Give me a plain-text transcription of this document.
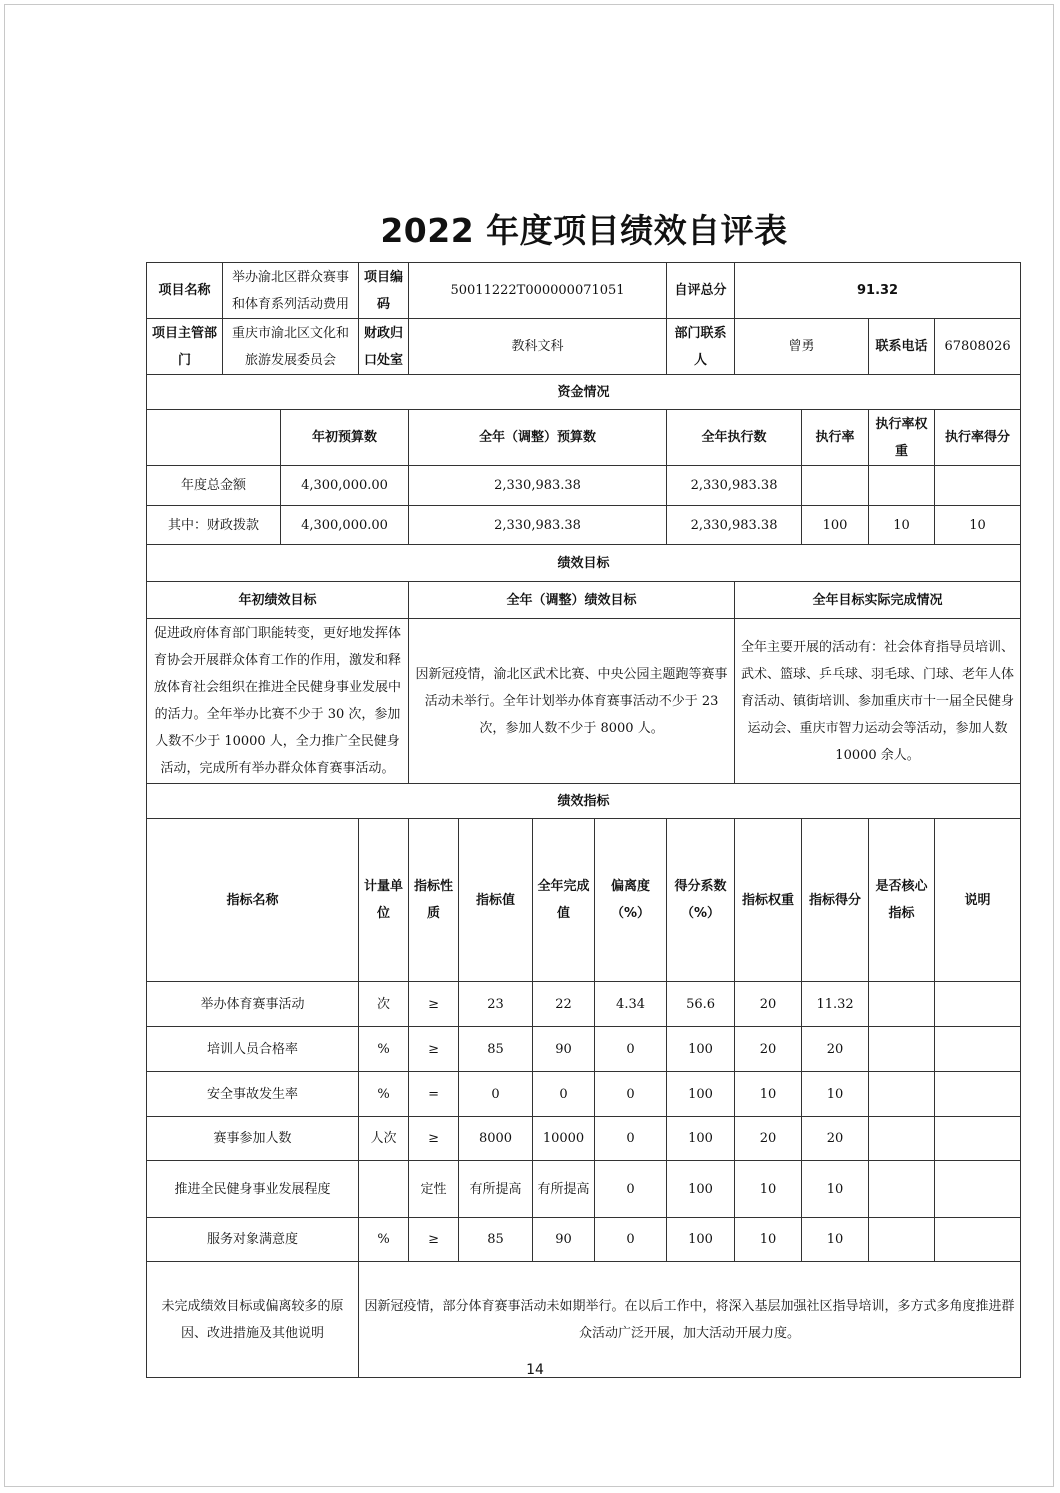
2022 年度项目绩效自评表
项目名称	举办渝北区群众赛事和体育系列活动费用		项目编码	50011222T000000071051				自评总分	91.32				
项目主管部门	重庆市渝北区文化和旅游发展委员会		财政归口处室	教科文科				部门联系人	曾勇		联系电话	67808026	
资金情况													
		年初预算数		全年（调整）预算数				全年执行数		执行率	执行率权重	执行率得分	
年度总金额		4,300,000.00		2,330,983.38				2,330,983.38					
其中：财政拨款		4,300,000.00		2,330,983.38				2,330,983.38		100	10	10	
绩效目标													
年初绩效目标				全年（调整）绩效目标					全年目标实际完成情况				
促进政府体育部门职能转变，更好地发挥体育协会开展群众体育工作的作用，激发和释放体育社会组织在推进全民健身事业发展中的活力。全年举办比赛不少于 30 次，参加人数不少于 10000 人，全力推广全民健身活动，完成所有举办群众体育赛事活动。				因新冠疫情，渝北区武术比赛、中央公园主题跑等赛事活动未举行。全年计划举办体育赛事活动不少于 23 次，参加人数不少于 8000 人。					全年主要开展的活动有：社会体育指导员培训、武术、篮球、乒乓球、羽毛球、门球、老年人体育活动、镇街培训、参加重庆市十一届全民健身运动会、重庆市智力运动会等活动，参加人数 10000 余人。				
绩效指标													
指标名称			计量单位	指标性质	指标值	全年完成值	偏离度（%）	得分系数（%）	指标权重	指标得分	是否核心指标	说明	
举办体育赛事活动			次	≥	23	22	4.34	56.6	20	11.32			
培训人员合格率			%	≥	85	90	0	100	20	20			
安全事故发生率			%	=	0	0	0	100	10	10			
赛事参加人数			人次	≥	8000	10000	0	100	20	20			
推进全民健身事业发展程度				定性	有所提高	有所提高	0	100	10	10			
服务对象满意度			%	≥	85	90	0	100	10	10			
未完成绩效目标或偏离较多的原因、改进措施及其他说明			因新冠疫情，部分体育赛事活动未如期举行。在以后工作中，将深入基层加强社区指导培训，多方式多角度推进群众活动广泛开展，加大活动开展力度。										
14
